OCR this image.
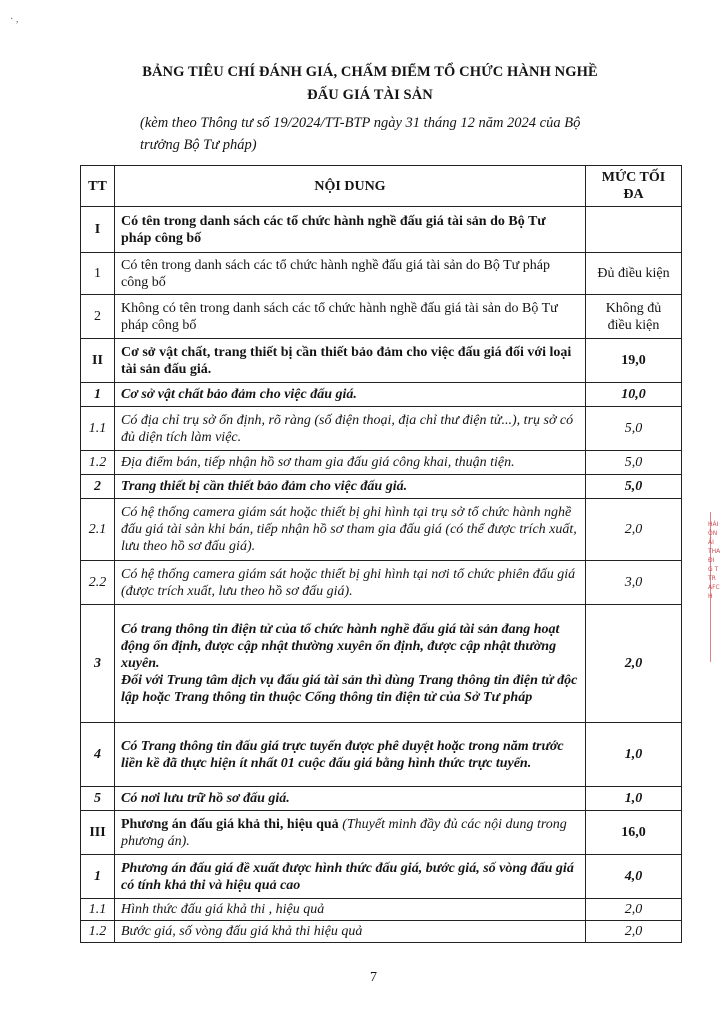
· ,
BẢNG TIÊU CHÍ ĐÁNH GIÁ, CHẤM ĐIỂM TỔ CHỨC HÀNH NGHỀ
ĐẤU GIÁ TÀI SẢN
(kèm theo Thông tư số 19/2024/TT-BTP ngày 31 tháng 12 năm 2024 của Bộ
trưởng Bộ Tư pháp)
TT	NỘI DUNG	MỨC TỐI ĐA
I	Có tên trong danh sách các tổ chức hành nghề đấu giá tài sản do Bộ Tư pháp công bố	
1	Có tên trong danh sách các tổ chức hành nghề đấu giá tài sản do Bộ Tư pháp công bố	Đủ điều kiện
2	Không có tên trong danh sách các tổ chức hành nghề đấu giá tài sản do Bộ Tư pháp công bố	Không đủ điều kiện
II	Cơ sở vật chất, trang thiết bị cần thiết bảo đảm cho việc đấu giá đối với loại tài sản đấu giá.	19,0
1	Cơ sở vật chất bảo đảm cho việc đấu giá.	10,0
1.1	Có địa chỉ trụ sở ổn định, rõ ràng (số điện thoại, địa chỉ thư điện tử...), trụ sở có đủ diện tích làm việc.	5,0
1.2	Địa điểm bán, tiếp nhận hồ sơ tham gia đấu giá công khai, thuận tiện.	5,0
2	Trang thiết bị cần thiết bảo đảm cho việc đấu giá.	5,0
2.1	Có hệ thống camera giám sát hoặc thiết bị ghi hình tại trụ sở tổ chức hành nghề đấu giá tài sản khi bán, tiếp nhận hồ sơ tham gia đấu giá (có thể được trích xuất, lưu theo hồ sơ đấu giá).	2,0
2.2	Có hệ thống camera giám sát hoặc thiết bị ghi hình tại nơi tổ chức phiên đấu giá (được trích xuất, lưu theo hồ sơ đấu giá).	3,0
3	Có trang thông tin điện tử của tổ chức hành nghề đấu giá tài sản đang hoạt động ổn định, được cập nhật thường xuyên ổn định, được cập nhật thường xuyên.
Đối với Trung tâm dịch vụ đấu giá tài sản thì dùng Trang thông tin điện tử độc lập hoặc Trang thông tin thuộc Cổng thông tin điện tử của Sở Tư pháp	2,0
4	Có Trang thông tin đấu giá trực tuyến được phê duyệt hoặc trong năm trước liền kề đã thực hiện ít nhất 01 cuộc đấu giá bằng hình thức trực tuyến.	1,0
5	Có nơi lưu trữ hồ sơ đấu giá.	1,0
III	Phương án đấu giá khả thi, hiệu quả (Thuyết minh đầy đủ các nội dung trong phương án).	16,0
1	Phương án đấu giá đề xuất được hình thức đấu giá, bước giá, số vòng đấu giá có tính khả thi và hiệu quả cao	4,0
1.1	Hình thức đấu giá khả thi , hiệu quả	2,0
1.2	Bước giá, số vòng đấu giá khả thi hiệu quả	2,0
7
HẢI
ÔN
ẤI
THA
ĐI
G T
TR
AFC
H
